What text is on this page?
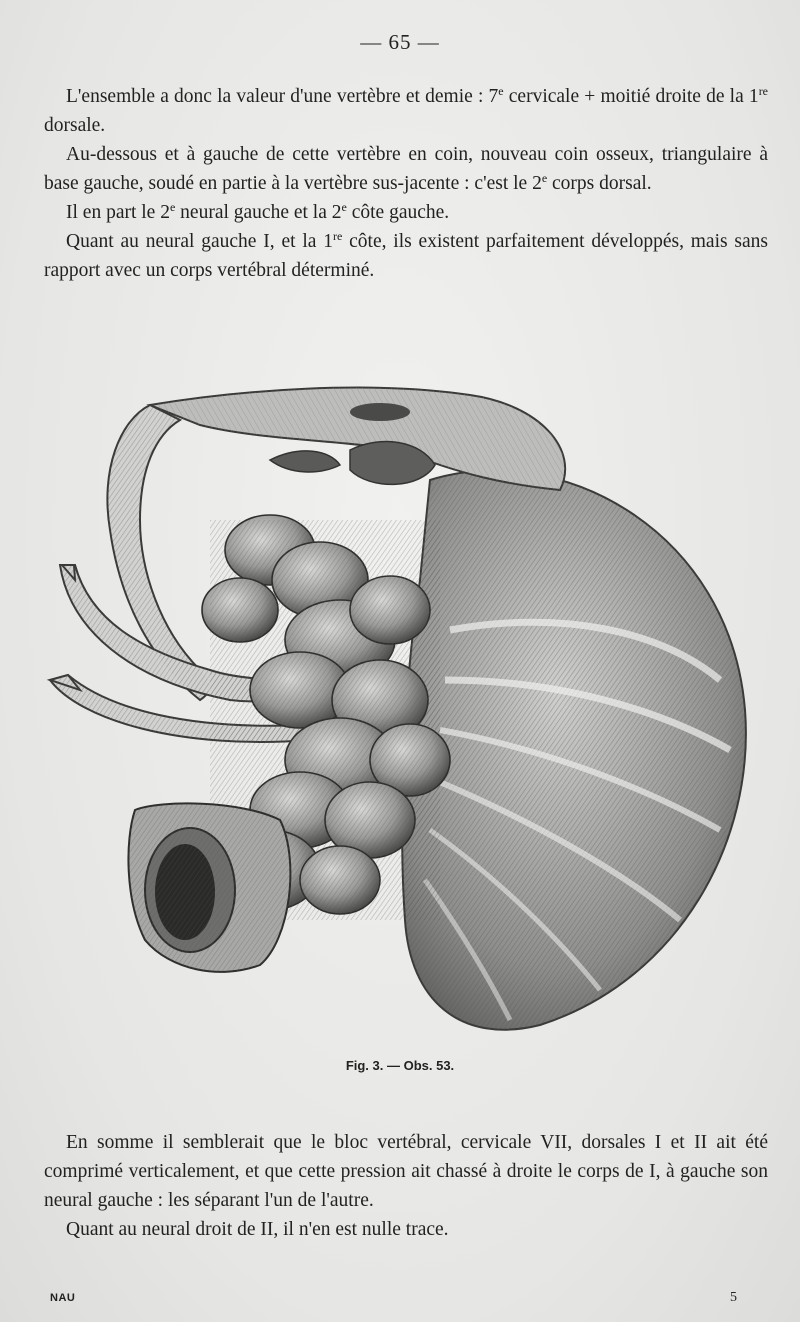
— 65 —

L'ensemble a donc la valeur d'une vertèbre et demie : 7e cervicale + moitié droite de la 1re dorsale.

Au-dessous et à gauche de cette vertèbre en coin, nouveau coin osseux, triangulaire à base gauche, soudé en partie à la vertèbre sus-jacente : c'est le 2e corps dorsal.

Il en part le 2e neural gauche et la 2e côte gauche.

Quant au neural gauche I, et la 1re côte, ils existent parfaitement développés, mais sans rapport avec un corps vertébral déterminé.

Fig. 3. — Obs. 53.

En somme il semblerait que le bloc vertébral, cervicale VII, dorsales I et II ait été comprimé verticalement, et que cette pression ait chassé à droite le corps de I, à gauche son neural gauche : les séparant l'un de l'autre.

Quant au neural droit de II, il n'en est nulle trace.

NAU	5
